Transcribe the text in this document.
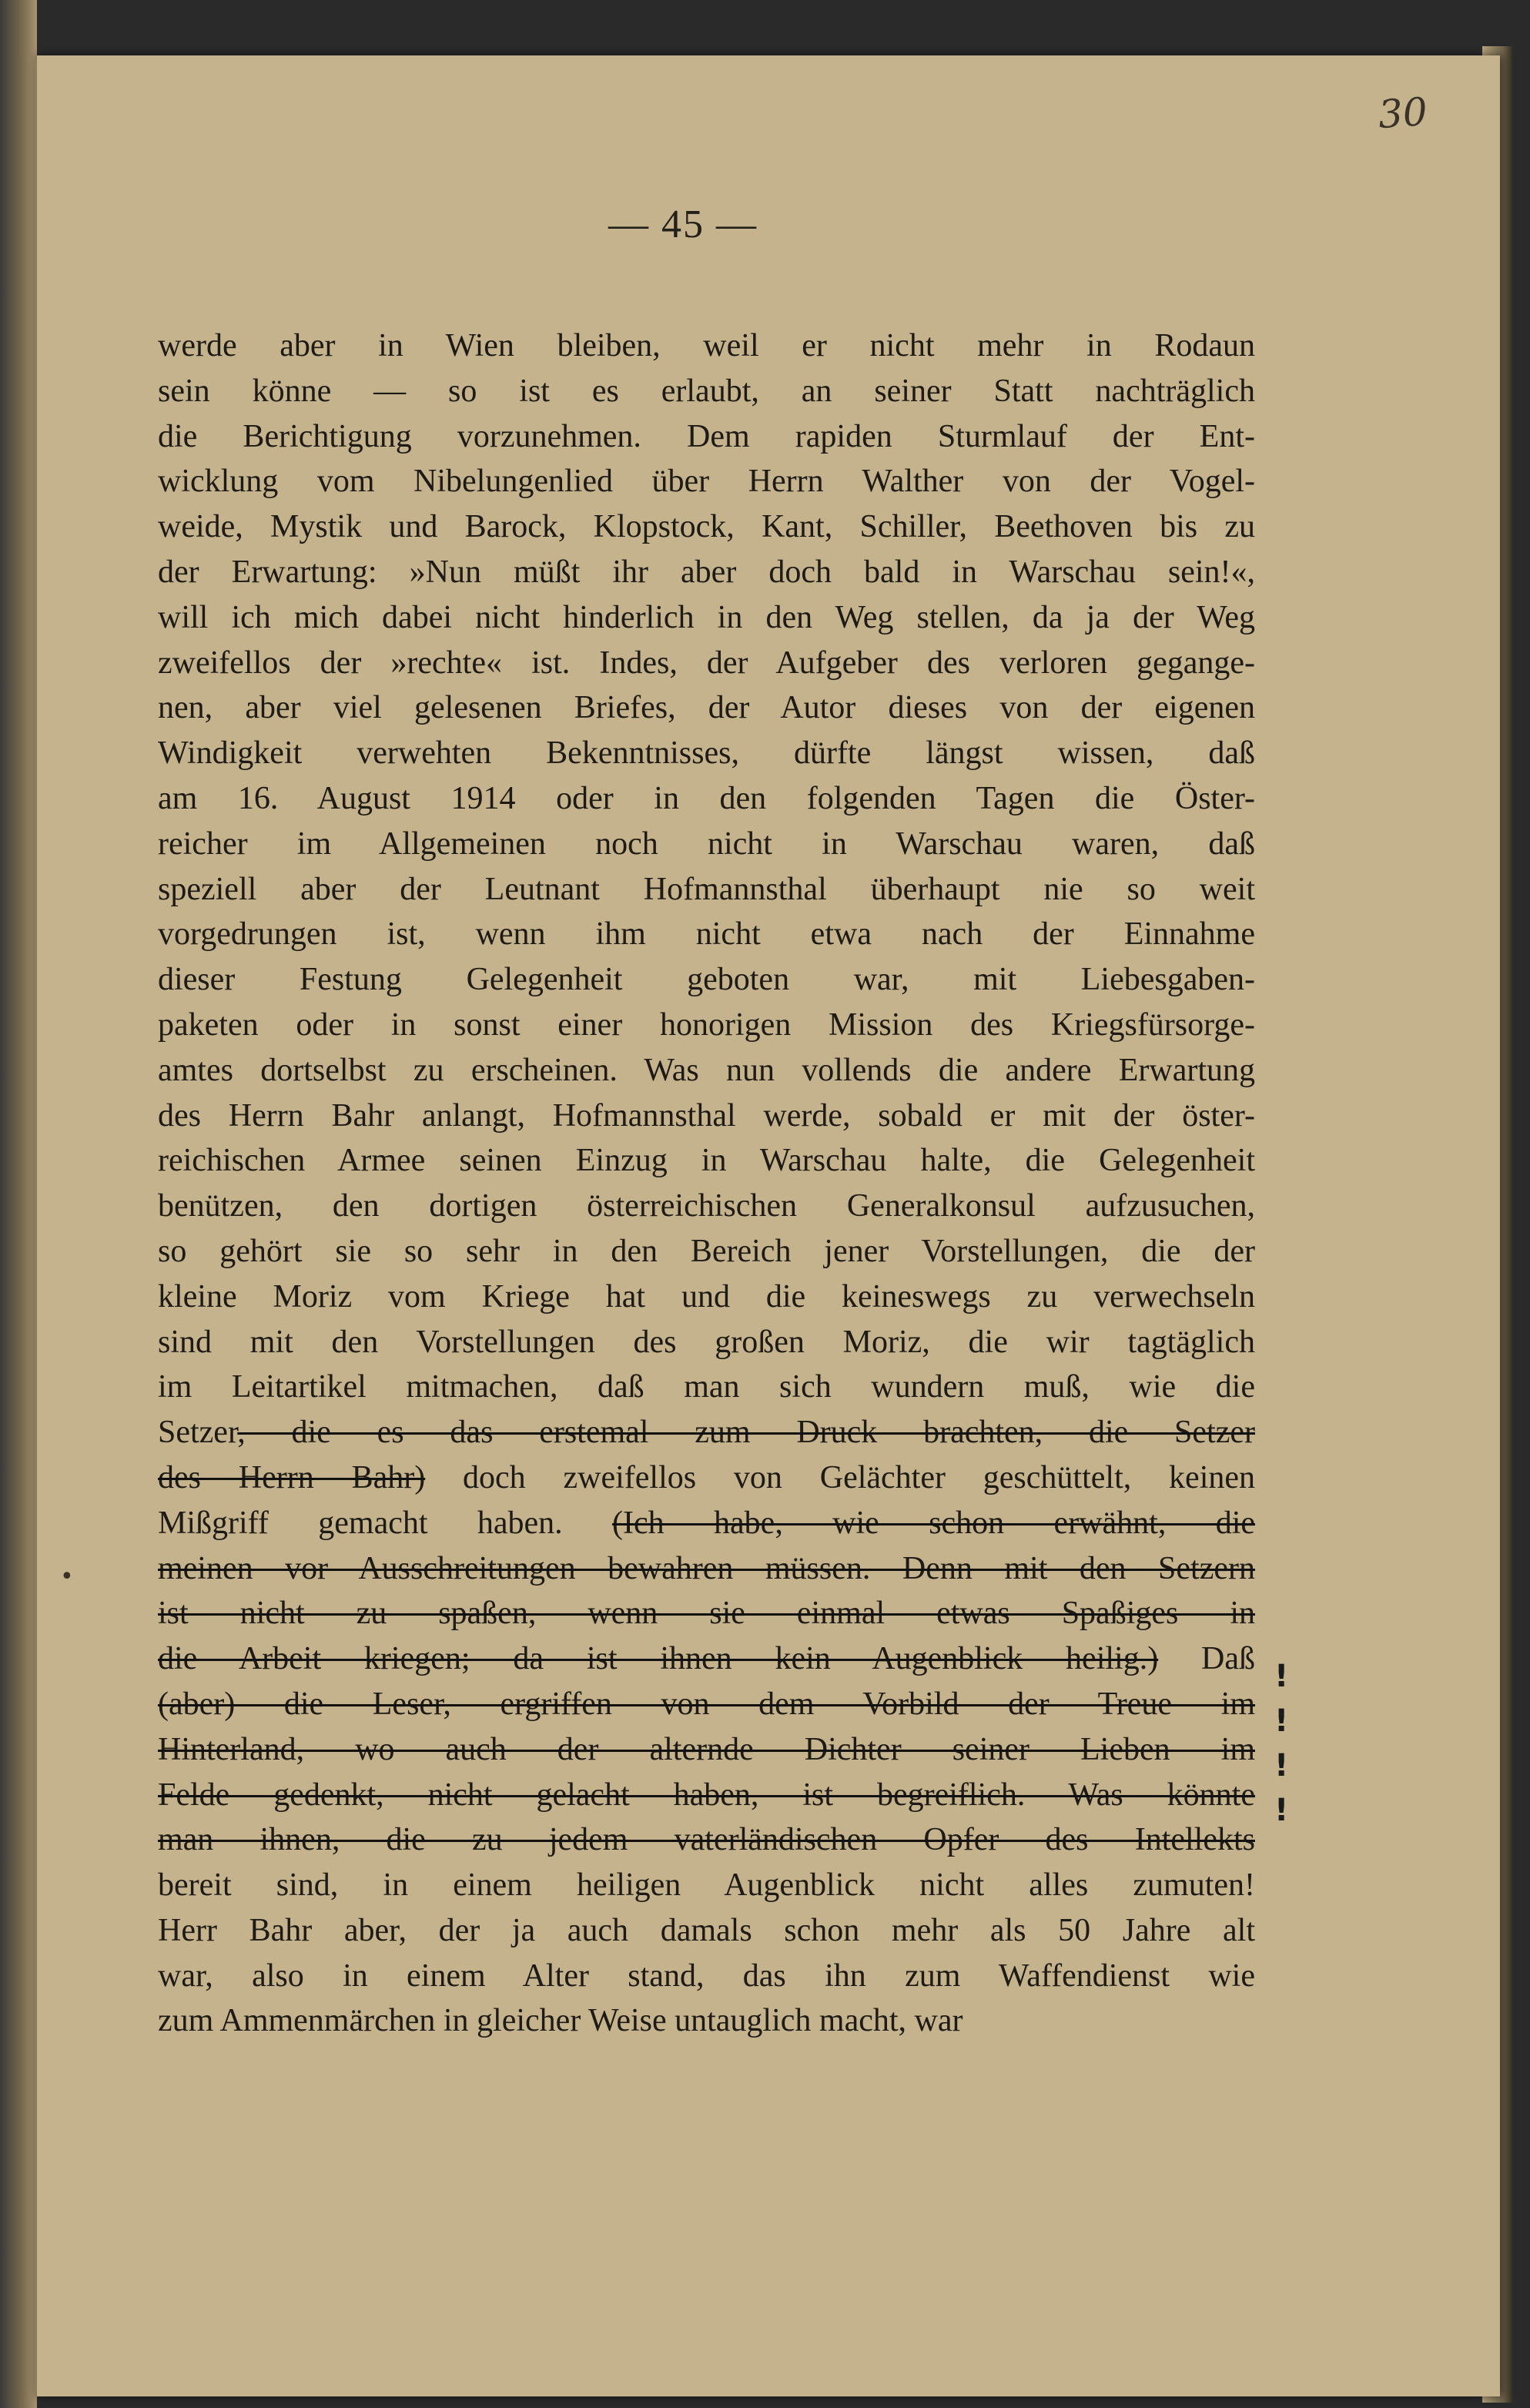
30
— 45 —
werde aber in Wien bleiben, weil er nicht mehr in Rodaun
sein könne — so ist es erlaubt, an seiner Statt nachträglich
die Berichtigung vorzunehmen. Dem rapiden Sturmlauf der Ent-
wicklung vom Nibelungenlied über Herrn Walther von der Vogel-
weide, Mystik und Barock, Klopstock, Kant, Schiller, Beethoven bis zu
der Erwartung: »Nun müßt ihr aber doch bald in Warschau sein!«,
will ich mich dabei nicht hinderlich in den Weg stellen, da ja der Weg
zweifellos der »rechte« ist. Indes, der Aufgeber des verloren gegange-
nen, aber viel gelesenen Briefes, der Autor dieses von der eigenen
Windigkeit verwehten Bekenntnisses, dürfte längst wissen, daß
am 16. August 1914 oder in den folgenden Tagen die Öster-
reicher im Allgemeinen noch nicht in Warschau waren, daß
speziell aber der Leutnant Hofmannsthal überhaupt nie so weit
vorgedrungen ist, wenn ihm nicht etwa nach der Einnahme
dieser Festung Gelegenheit geboten war, mit Liebesgaben-
paketen oder in sonst einer honorigen Mission des Kriegsfürsorge-
amtes dortselbst zu erscheinen. Was nun vollends die andere Erwartung
des Herrn Bahr anlangt, Hofmannsthal werde, sobald er mit der öster-
reichischen Armee seinen Einzug in Warschau halte, die Gelegenheit
benützen, den dortigen österreichischen Generalkonsul aufzusuchen,
so gehört sie so sehr in den Bereich jener Vorstellungen, die der
kleine Moriz vom Kriege hat und die keineswegs zu verwechseln
sind mit den Vorstellungen des großen Moriz, die wir tagtäglich
im Leitartikel mitmachen, daß man sich wundern muß, wie die
Setzer, die es das erstemal zum Druck brachten, die Setzer
des Herrn Bahr) doch zweifellos von Gelächter geschüttelt, keinen
Mißgriff gemacht haben. (Ich habe, wie schon erwähnt, die
meinen vor Ausschreitungen bewahren müssen. Denn mit den Setzern
ist nicht zu spaßen, wenn sie einmal etwas Spaßiges in
die Arbeit kriegen; da ist ihnen kein Augenblick heilig.) Daß
(aber) die Leser, ergriffen von dem Vorbild der Treue im
Hinterland, wo auch der alternde Dichter seiner Lieben im
Felde gedenkt, nicht gelacht haben, ist begreiflich. Was könnte
man ihnen, die zu jedem vaterländischen Opfer des Intellekts
bereit sind, in einem heiligen Augenblick nicht alles zumuten!
Herr Bahr aber, der ja auch damals schon mehr als 50 Jahre alt
war, also in einem Alter stand, das ihn zum Waffendienst wie
zum Ammenmärchen in gleicher Weise untauglich macht, war
!
!
!
!
•
